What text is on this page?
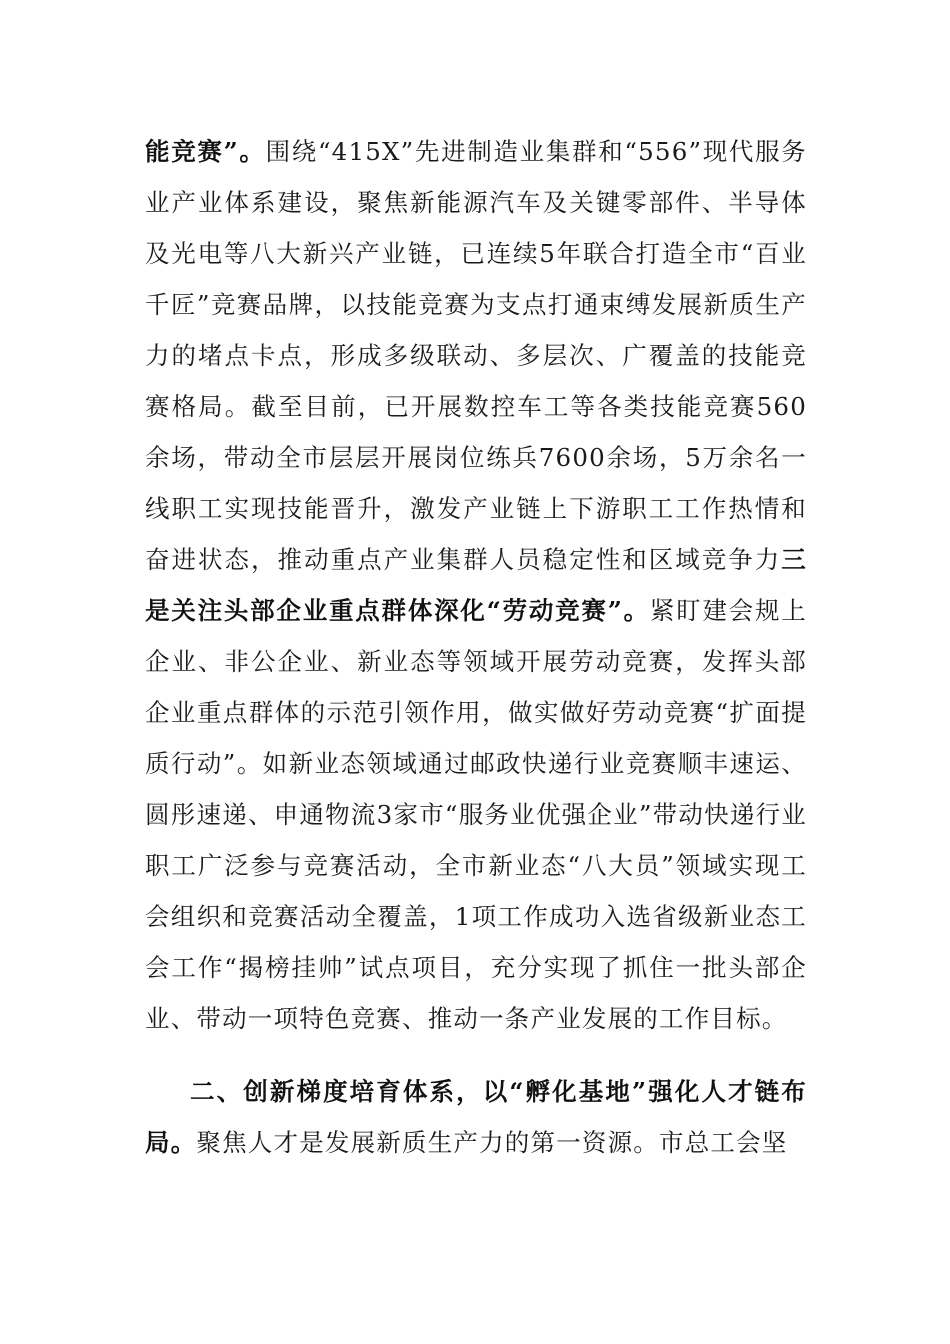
能竞赛”。围绕“415X”先进制造业集群和“556”现代服务业产业体系建设，聚焦新能源汽车及关键零部件、半导体及光电等八大新兴产业链，已连续5年联合打造全市“百业千匠”竞赛品牌，以技能竞赛为支点打通束缚发展新质生产力的堵点卡点，形成多级联动、多层次、广覆盖的技能竞赛格局。截至目前，已开展数控车工等各类技能竞赛560余场，带动全市层层开展岗位练兵7600余场，5万余名一线职工实现技能晋升，激发产业链上下游职工工作热情和奋进状态，推动重点产业集群人员稳定性和区域竞争力三是关注头部企业重点群体深化“劳动竞赛”。紧盯建会规上企业、非公企业、新业态等领域开展劳动竞赛，发挥头部企业重点群体的示范引领作用，做实做好劳动竞赛“扩面提质行动”。如新业态领域通过邮政快递行业竞赛顺丰速运、圆彤速递、申通物流3家市“服务业优强企业”带动快递行业职工广泛参与竞赛活动，全市新业态“八大员”领域实现工会组织和竞赛活动全覆盖，1项工作成功入选省级新业态工会工作“揭榜挂帅”试点项目，充分实现了抓住一批头部企业、带动一项特色竞赛、推动一条产业发展的工作目标。

二、创新梯度培育体系，以“孵化基地”强化人才链布局。聚焦人才是发展新质生产力的第一资源。市总工会坚
